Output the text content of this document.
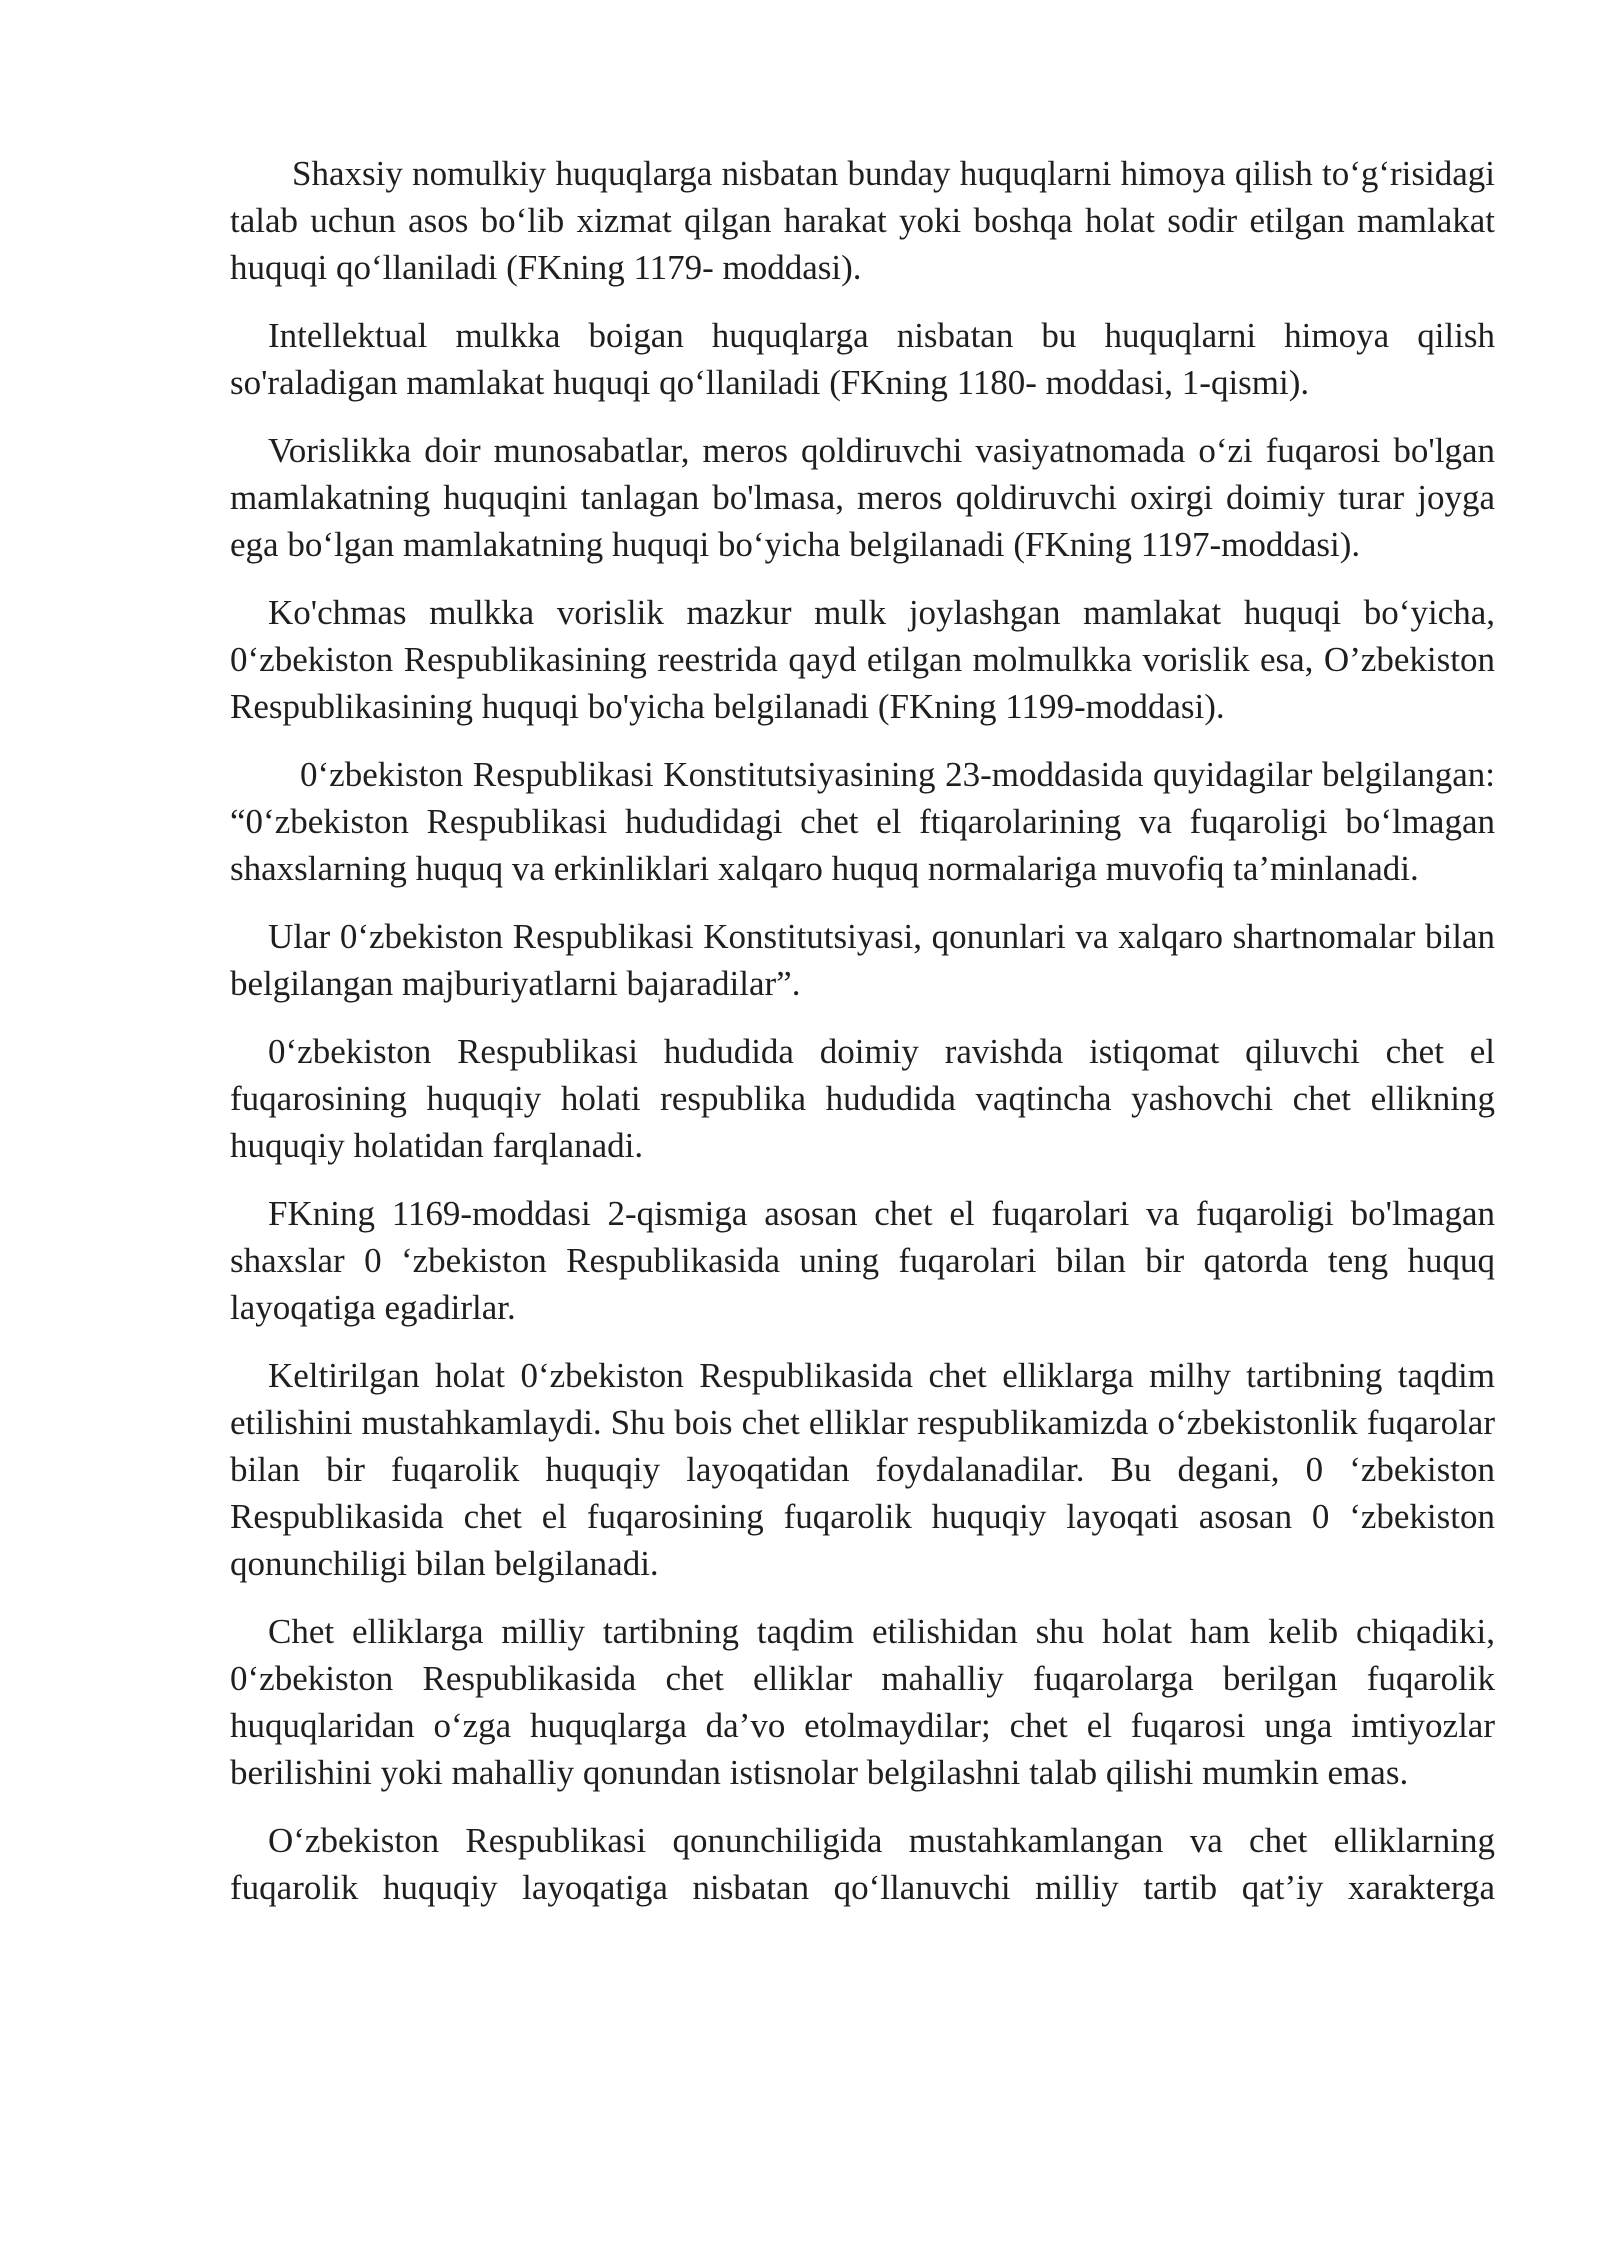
Shaxsiy nomulkiy huquqlarga nisbatan bunday huquqlarni himoya qilish to‘g‘risidagi talab uchun asos bo‘lib xizmat qilgan harakat yoki boshqa holat sodir etilgan mamlakat huquqi qo‘llaniladi (FKning 1179- moddasi).

Intellektual mulkka boigan huquqlarga nisbatan bu huquqlarni himoya qilish so'raladigan mamlakat huquqi qo‘llaniladi (FKning 1180- moddasi, 1-qismi).

Vorislikka doir munosabatlar, meros qoldiruvchi vasiyatnomada o‘zi fuqarosi bo'lgan mamlakatning huquqini tanlagan bo'lmasa, meros qoldiruvchi oxirgi doimiy turar joyga ega bo‘lgan mamlakatning huquqi bo‘yicha belgilanadi (FKning 1197-moddasi).

Ko'chmas mulkka vorislik mazkur mulk joylashgan mamlakat huquqi bo‘yicha, 0‘zbekiston Respublikasining reestrida qayd etilgan molmulkka vorislik esa, O’zbekiston Respublikasining huquqi bo'yicha belgilanadi (FKning 1199-moddasi).

0‘zbekiston Respublikasi Konstitutsiyasining 23-moddasida quyidagilar belgilangan: “0‘zbekiston Respublikasi hududidagi chet el ftiqarolarining va fuqaroligi bo‘lmagan shaxslarning huquq va erkinliklari xalqaro huquq normalariga muvofiq ta’minlanadi.

Ular 0‘zbekiston Respublikasi Konstitutsiyasi, qonunlari va xalqaro shartnomalar bilan belgilangan majburiyatlarni bajaradilar”.

0‘zbekiston Respublikasi hududida doimiy ravishda istiqomat qiluvchi chet el fuqarosining huquqiy holati respublika hududida vaqtincha yashovchi chet ellikning huquqiy holatidan farqlanadi.

FKning 1169-moddasi 2-qismiga asosan chet el fuqarolari va fuqaroligi bo'lmagan shaxslar 0 ‘zbekiston Respublikasida uning fuqarolari bilan bir qatorda teng huquq layoqatiga egadirlar.

Keltirilgan holat 0‘zbekiston Respublikasida chet elliklarga milhy tartibning taqdim etilishini mustahkamlaydi. Shu bois chet elliklar respublikamizda o‘zbekistonlik fuqarolar bilan bir fuqarolik huquqiy layoqatidan foydalanadilar. Bu degani, 0 ‘zbekiston Respublikasida chet el fuqarosining fuqarolik huquqiy layoqati asosan 0 ‘zbekiston qonunchiligi bilan belgilanadi.

Chet elliklarga milliy tartibning taqdim etilishidan shu holat ham kelib chiqadiki, 0‘zbekiston Respublikasida chet elliklar mahalliy fuqarolarga berilgan fuqarolik huquqlaridan o‘zga huquqlarga da’vo etolmaydilar; chet el fuqarosi unga imtiyozlar berilishini yoki mahalliy qonundan istisnolar belgilashni talab qilishi mumkin emas.

O‘zbekiston Respublikasi qonunchiligida mustahkamlangan va chet elliklarning fuqarolik huquqiy layoqatiga nisbatan qo‘llanuvchi milliy tartib qat’iy xarakterga
